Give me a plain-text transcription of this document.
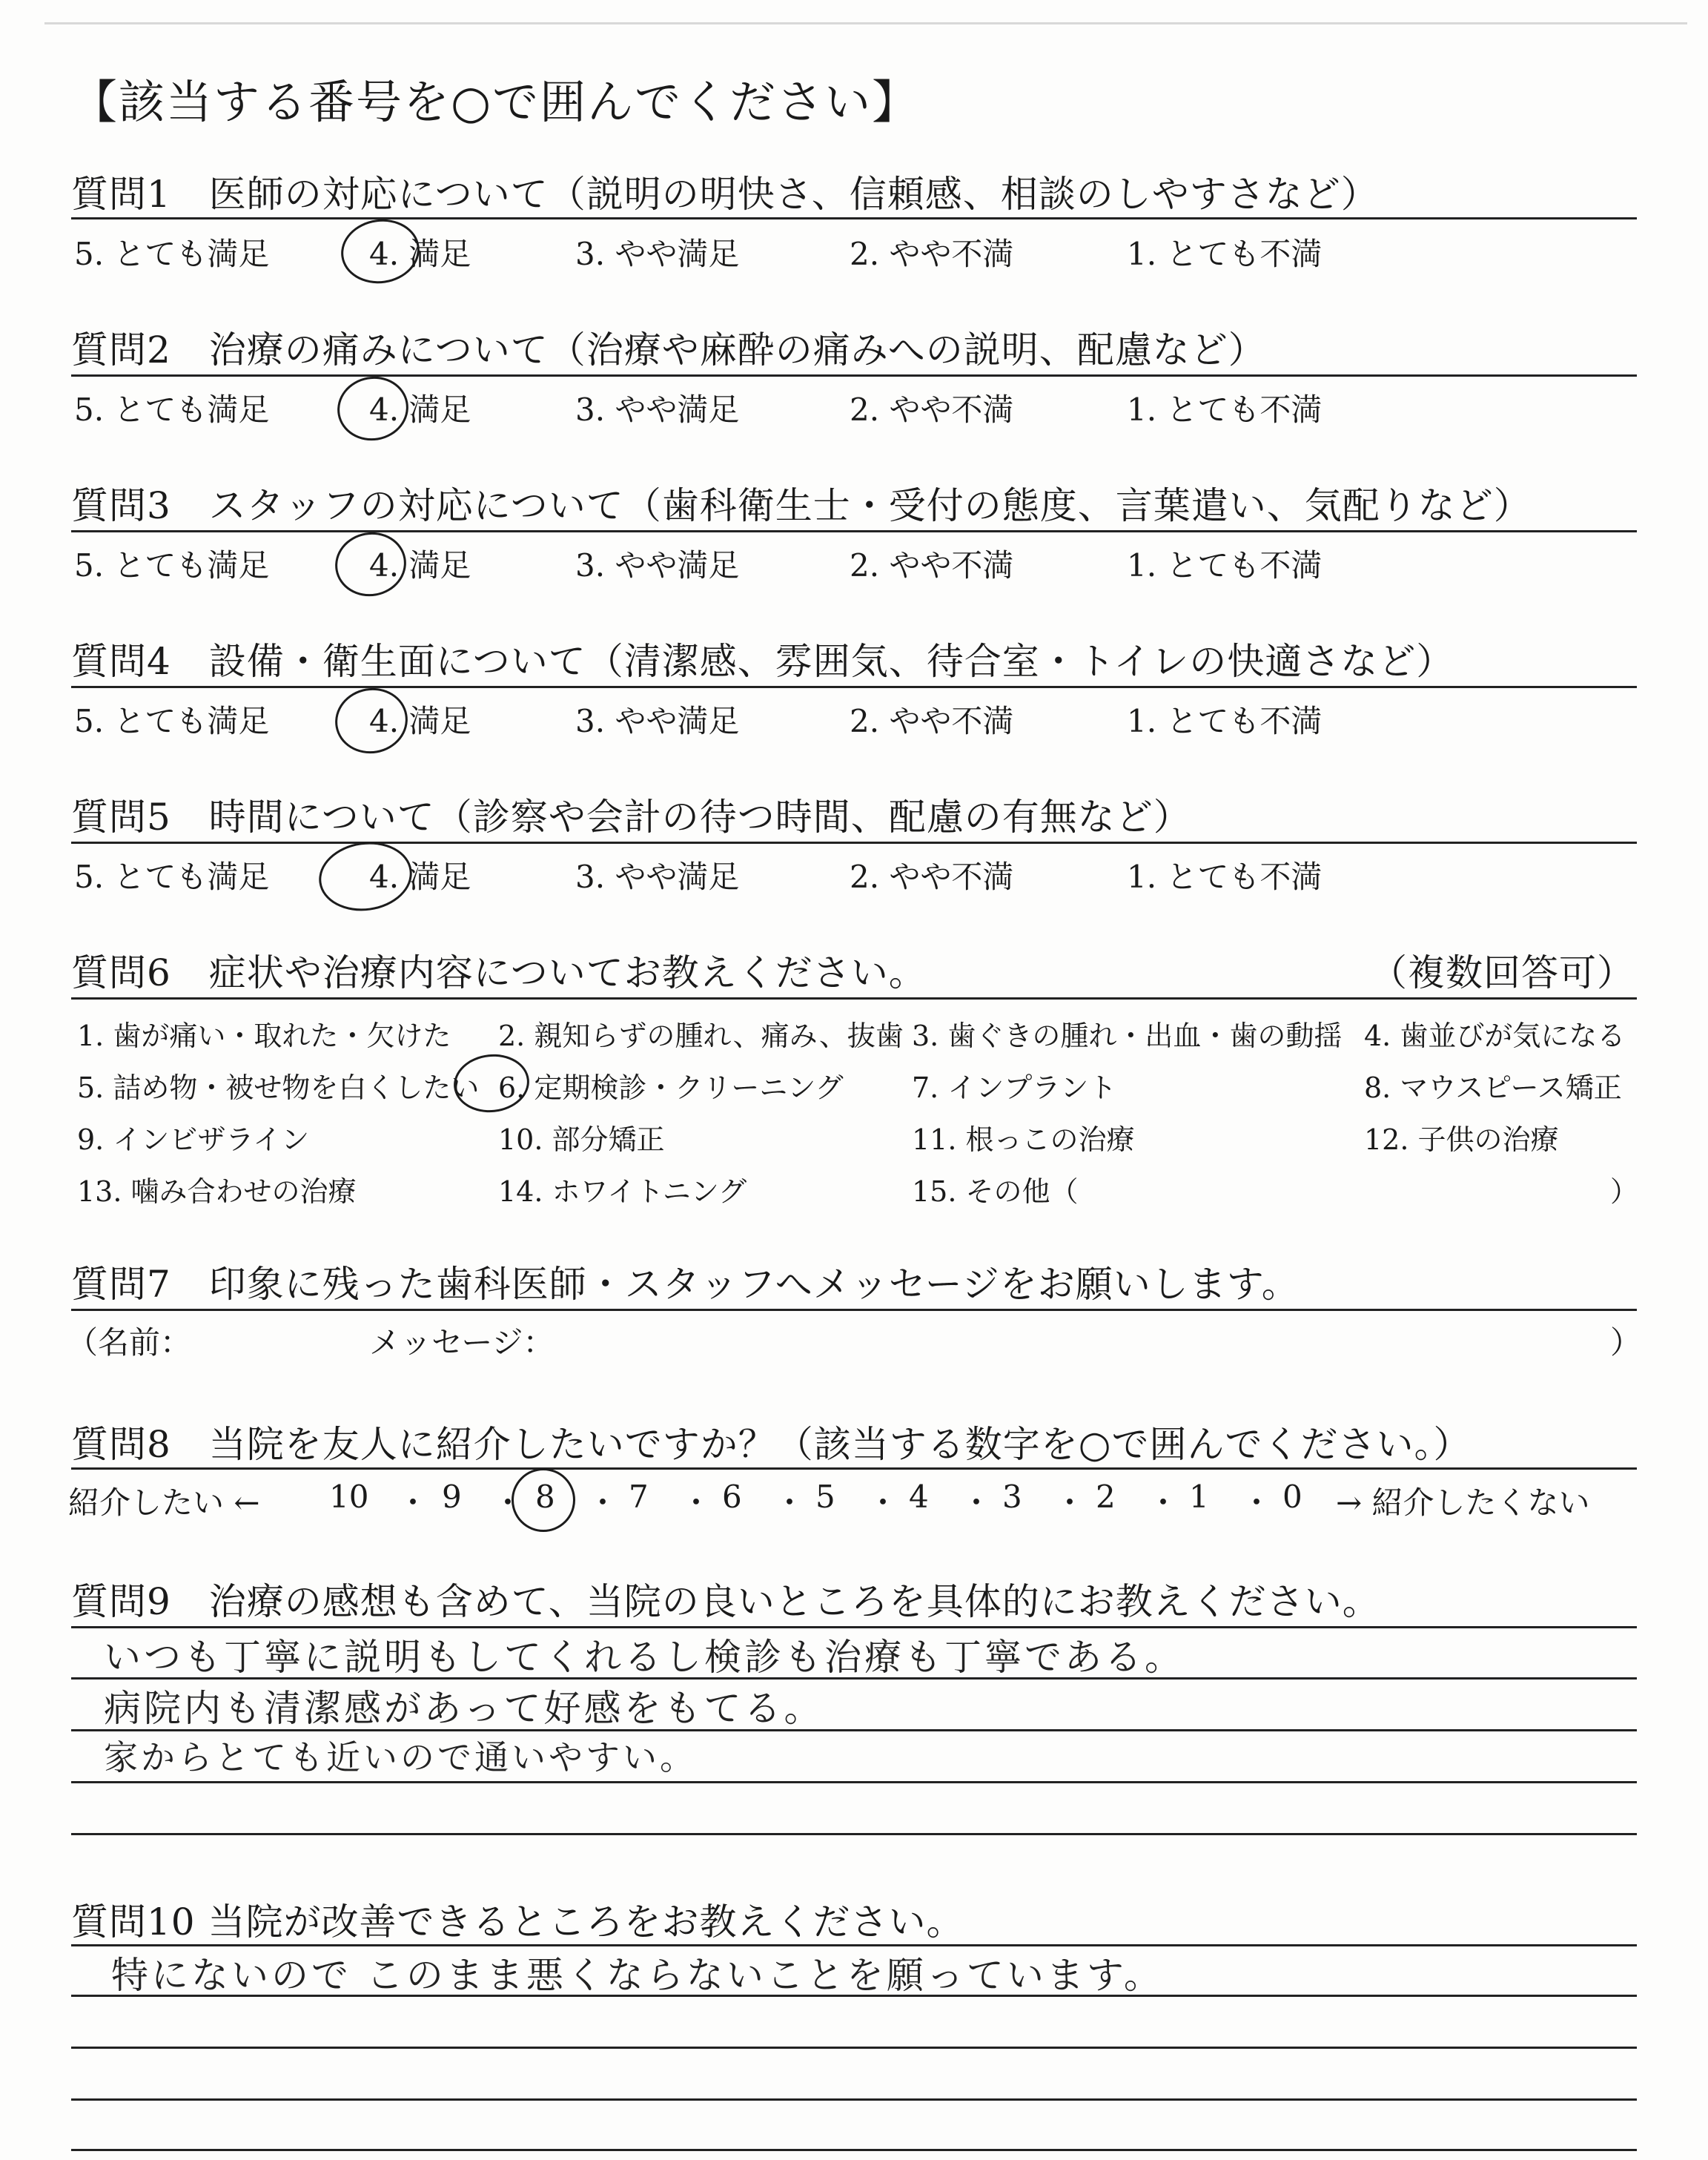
【該当する番号を○で囲んでください】
質問1　医師の対応について（説明の明快さ、信頼感、相談のしやすさなど）
5. とても満足	4. 満足	3. やや満足	2. やや不満	1. とても不満
質問2　治療の痛みについて（治療や麻酔の痛みへの説明、配慮など）
5. とても満足	4. 満足	3. やや満足	2. やや不満	1. とても不満
質問3　スタッフの対応について（歯科衛生士・受付の態度、言葉遣い、気配りなど）
5. とても満足	4. 満足	3. やや満足	2. やや不満	1. とても不満
質問4　設備・衛生面について（清潔感、雰囲気、待合室・トイレの快適さなど）
5. とても満足	4. 満足	3. やや満足	2. やや不満	1. とても不満
質問5　時間について（診察や会計の待つ時間、配慮の有無など）
5. とても満足	4. 満足	3. やや満足	2. やや不満	1. とても不満
質問6　症状や治療内容についてお教えください。	（複数回答可）
1. 歯が痛い・取れた・欠けた 2. 親知らずの腫れ、痛み、抜歯 3. 歯ぐきの腫れ・出血・歯の動揺 4. 歯並びが気になる
5. 詰め物・被せ物を白くしたい 6. 定期検診・クリーニング 7. インプラント	8. マウスピース矯正
9. インビザライン	10. 部分矯正	11. 根っこの治療	12. 子供の治療
13. 噛み合わせの治療	14. ホワイトニング	15. その他（	）
質問7　印象に残った歯科医師・スタッフへメッセージをお願いします。
（名前：	メッセージ：	）
質問8　当院を友人に紹介したいですか？（該当する数字を○で囲んでください。）
紹介したい ← 10 ・ 9 ・ 8 ・ 7 ・ 6 ・ 5 ・ 4 ・ 3 ・ 2 ・ 1 ・ 0 → 紹介したくない
質問9　治療の感想も含めて、当院の良いところを具体的にお教えください。
いつも丁寧に説明もしてくれるし検診も治療も丁寧である。
病院内も清潔感があって好感をもてる。
家からとても近いので通いやすい。
質問10 当院が改善できるところをお教えください。
特にないので このまま悪くならないことを願っています。
